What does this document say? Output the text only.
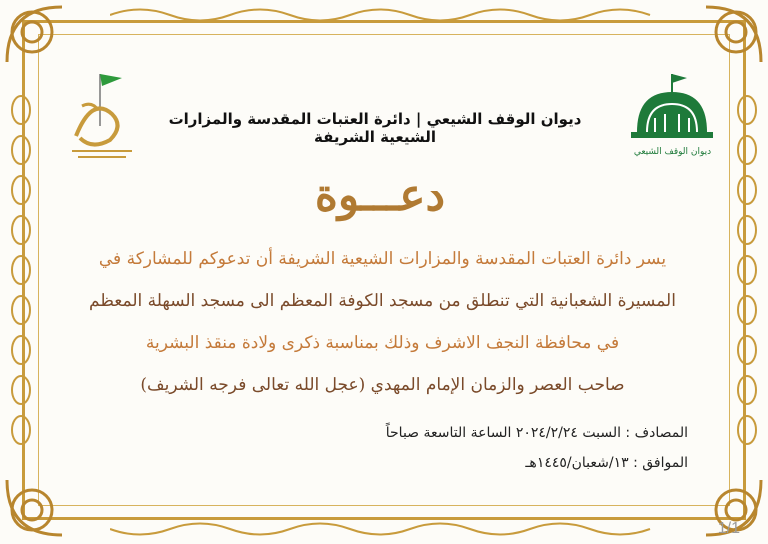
ديوان الوقف الشيعي
ديوان الوقف الشيعي | دائرة العتبات المقدسة والمزارات الشيعية الشريفة
دعـــوة
يسر دائرة العتبات المقدسة والمزارات الشيعية الشريفة أن تدعوكم للمشاركة في
المسيرة الشعبانية التي تنطلق من مسجد الكوفة المعظم الى مسجد السهلة المعظم
في محافظة النجف الاشرف وذلك بمناسبة ذكرى ولادة منقذ البشرية
صاحب العصر والزمان الإمام المهدي (عجل الله تعالى فرجه الشريف)
المصادف : السبت ٢٠٢٤/٢/٢٤ الساعة التاسعة صباحاً
الموافق : ١٣/شعبان/١٤٤٥هـ
1/1
